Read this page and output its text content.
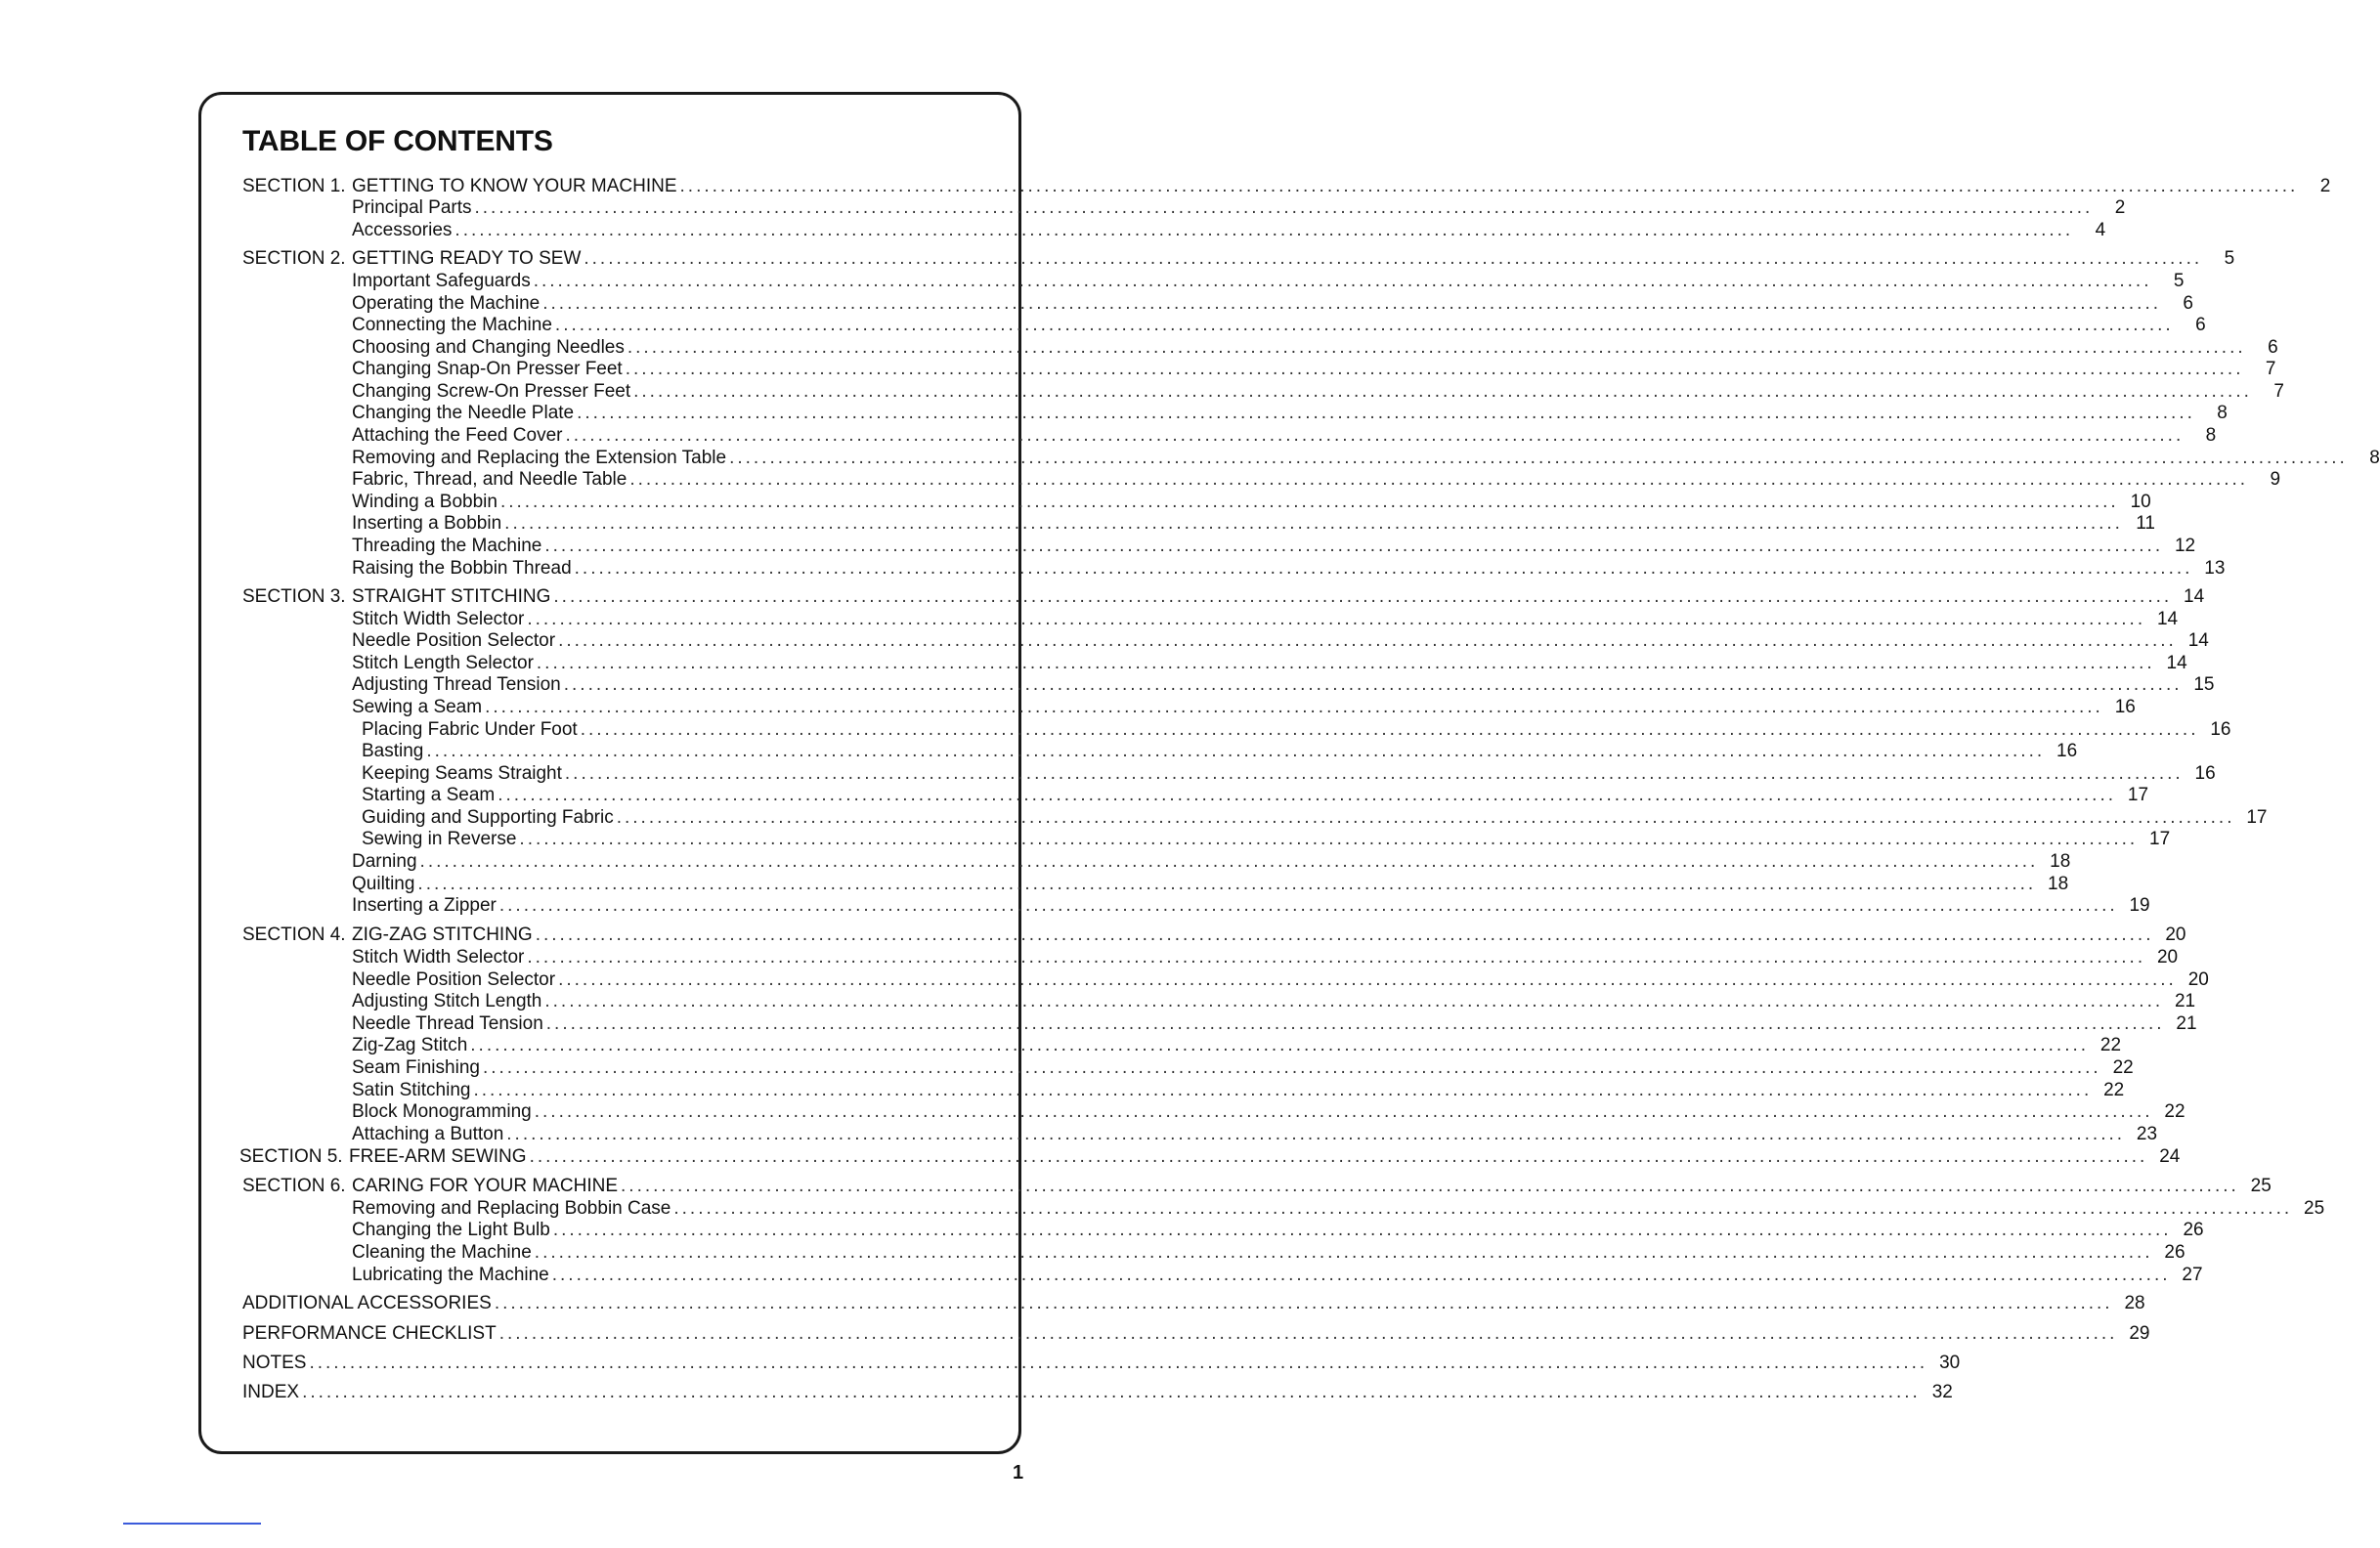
TABLE OF CONTENTS
SECTION 1. GETTING TO KNOW YOUR MACHINE ........................................................................................................................................................................................................	2
Principal Parts ........................................................................................................................................................................................................	2
Accessories ........................................................................................................................................................................................................	4
SECTION 2. GETTING READY TO SEW ........................................................................................................................................................................................................	5
Important Safeguards ........................................................................................................................................................................................................	5
Operating the Machine ........................................................................................................................................................................................................	6
Connecting the Machine ........................................................................................................................................................................................................	6
Choosing and Changing Needles ........................................................................................................................................................................................................	6
Changing Snap-On Presser Feet ........................................................................................................................................................................................................	7
Changing Screw-On Presser Feet ........................................................................................................................................................................................................	7
Changing the Needle Plate ........................................................................................................................................................................................................	8
Attaching the Feed Cover ........................................................................................................................................................................................................	8
Removing and Replacing the Extension Table ........................................................................................................................................................................................................	8
Fabric, Thread, and Needle Table ........................................................................................................................................................................................................	9
Winding a Bobbin ........................................................................................................................................................................................................ 10
Inserting a Bobbin ........................................................................................................................................................................................................ 11
Threading the Machine ........................................................................................................................................................................................................ 12
Raising the Bobbin Thread ........................................................................................................................................................................................................ 13
SECTION 3. STRAIGHT STITCHING ........................................................................................................................................................................................................ 14
Stitch Width Selector ........................................................................................................................................................................................................ 14
Needle Position Selector ........................................................................................................................................................................................................ 14
Stitch Length Selector ........................................................................................................................................................................................................ 14
Adjusting Thread Tension ........................................................................................................................................................................................................ 15
Sewing a Seam ........................................................................................................................................................................................................ 16
Placing Fabric Under Foot ........................................................................................................................................................................................................ 16
Basting ........................................................................................................................................................................................................ 16
Keeping Seams Straight ........................................................................................................................................................................................................ 16
Starting a Seam ........................................................................................................................................................................................................ 17
Guiding and Supporting Fabric ........................................................................................................................................................................................................ 17
Sewing in Reverse ........................................................................................................................................................................................................ 17
Darning ........................................................................................................................................................................................................ 18
Quilting ........................................................................................................................................................................................................ 18
Inserting a Zipper ........................................................................................................................................................................................................ 19
SECTION 4. ZIG-ZAG STITCHING ........................................................................................................................................................................................................ 20
Stitch Width Selector ........................................................................................................................................................................................................ 20
Needle Position Selector ........................................................................................................................................................................................................ 20
Adjusting Stitch Length ........................................................................................................................................................................................................ 21
Needle Thread Tension ........................................................................................................................................................................................................ 21
Zig-Zag Stitch ........................................................................................................................................................................................................ 22
Seam Finishing ........................................................................................................................................................................................................ 22
Satin Stitching ........................................................................................................................................................................................................ 22
Block Monogramming ........................................................................................................................................................................................................ 22
Attaching a Button ........................................................................................................................................................................................................ 23
SECTION 5. FREE-ARM SEWING ........................................................................................................................................................................................................ 24
SECTION 6. CARING FOR YOUR MACHINE ........................................................................................................................................................................................................ 25
Removing and Replacing Bobbin Case ........................................................................................................................................................................................................ 25
Changing the Light Bulb ........................................................................................................................................................................................................ 26
Cleaning the Machine ........................................................................................................................................................................................................ 26
Lubricating the Machine ........................................................................................................................................................................................................ 27
ADDITIONAL ACCESSORIES ........................................................................................................................................................................................................ 28
PERFORMANCE CHECKLIST ........................................................................................................................................................................................................ 29
NOTES ........................................................................................................................................................................................................ 30
INDEX ........................................................................................................................................................................................................ 32
1
